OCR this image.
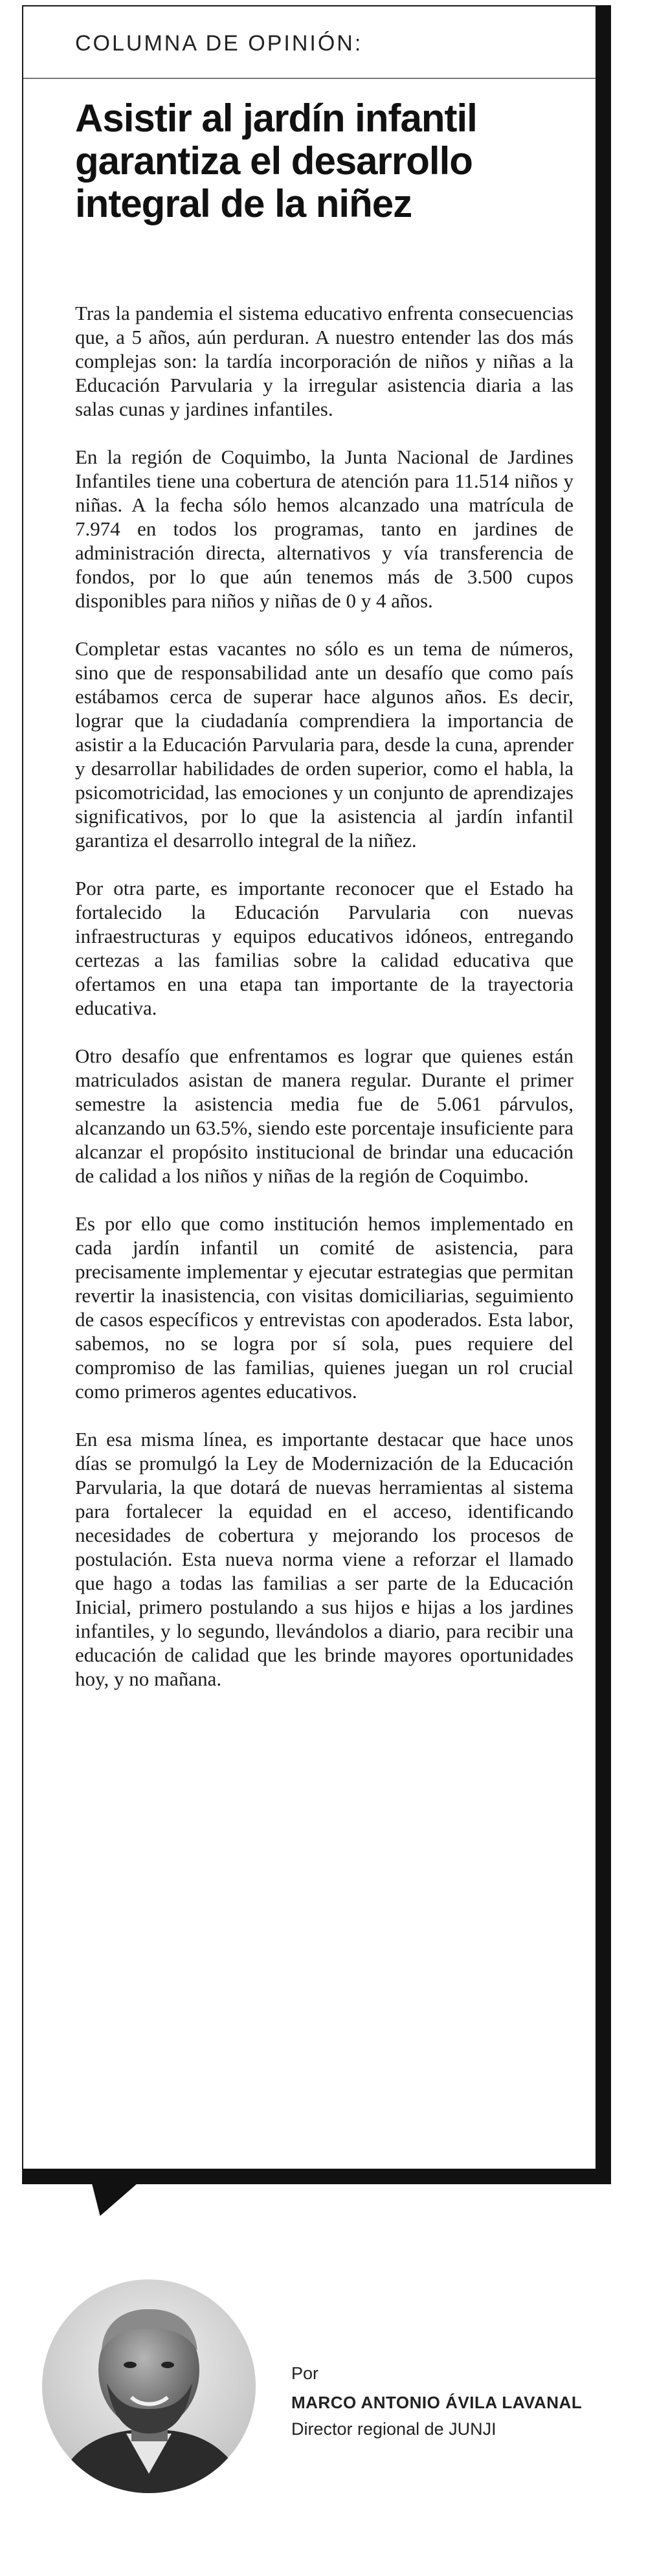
COLUMNA DE OPINIÓN:
Asistir al jardín infantil garantiza el desarrollo integral de la niñez

Tras la pandemia el sistema educativo enfrenta consecuencias que, a 5 años, aún perduran. A nuestro entender las dos más complejas son: la tardía incorporación de niños y niñas a la Educación Parvularia y la irregular asistencia diaria a las salas cunas y jardines infantiles.

En la región de Coquimbo, la Junta Nacional de Jardines Infantiles tiene una cobertura de atención para 11.514 niños y niñas. A la fecha sólo hemos alcanzado una matrícula de 7.974 en todos los programas, tanto en jardines de administración directa, alternativos y vía transferencia de fondos, por lo que aún tenemos más de 3.500 cupos disponibles para niños y niñas de 0 y 4 años.

Completar estas vacantes no sólo es un tema de números, sino que de responsabilidad ante un desafío que como país estábamos cerca de superar hace algunos años. Es decir, lograr que la ciudadanía comprendiera la importancia de asistir a la Educación Parvularia para, desde la cuna, aprender y desarrollar habilidades de orden superior, como el habla, la psicomotricidad, las emociones y un conjunto de aprendizajes significativos, por lo que la asistencia al jardín infantil garantiza el desarrollo integral de la niñez.

Por otra parte, es importante reconocer que el Estado ha fortalecido la Educación Parvularia con nuevas infraestructuras y equipos educativos idóneos, entregando certezas a las familias sobre la calidad educativa que ofertamos en una etapa tan importante de la trayectoria educativa.

Otro desafío que enfrentamos es lograr que quienes están matriculados asistan de manera regular. Durante el primer semestre la asistencia media fue de 5.061 párvulos, alcanzando un 63.5%, siendo este porcentaje insuficiente para alcanzar el propósito institucional de brindar una educación de calidad a los niños y niñas de la región de Coquimbo.

Es por ello que como institución hemos implementado en cada jardín infantil un comité de asistencia, para precisamente implementar y ejecutar estrategias que permitan revertir la inasistencia, con visitas domiciliarias, seguimiento de casos específicos y entrevistas con apoderados. Esta labor, sabemos, no se logra por sí sola, pues requiere del compromiso de las familias, quienes juegan un rol crucial como primeros agentes educativos.

En esa misma línea, es importante destacar que hace unos días se promulgó la Ley de Modernización de la Educación Parvularia, la que dotará de nuevas herramientas al sistema para fortalecer la equidad en el acceso, identificando necesidades de cobertura y mejorando los procesos de postulación. Esta nueva norma viene a reforzar el llamado que hago a todas las familias a ser parte de la Educación Inicial, primero postulando a sus hijos e hijas a los jardines infantiles, y lo segundo, llevándolos a diario, para recibir una educación de calidad que les brinde mayores oportunidades hoy, y no mañana.

Por
MARCO ANTONIO ÁVILA LAVANAL
Director regional de JUNJI
